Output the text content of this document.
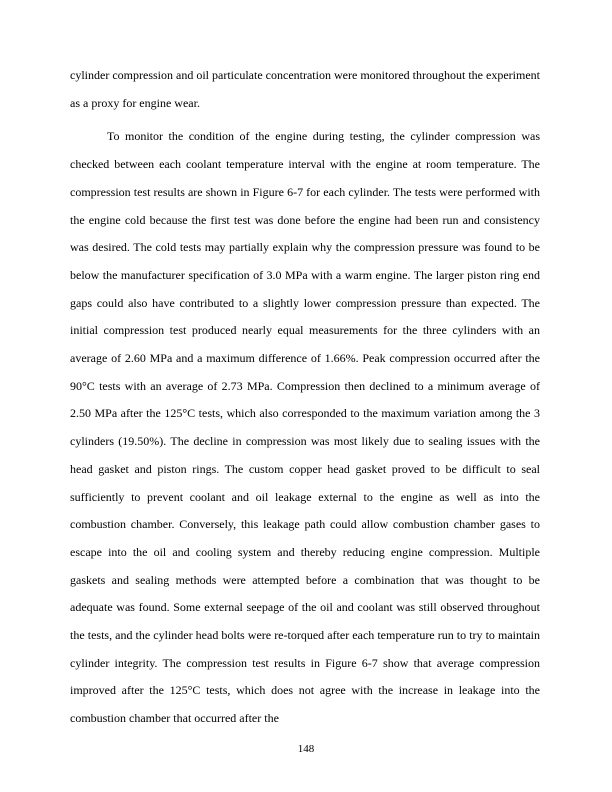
cylinder compression and oil particulate concentration were monitored throughout the experiment as a proxy for engine wear.

To monitor the condition of the engine during testing, the cylinder compression was checked between each coolant temperature interval with the engine at room temperature. The compression test results are shown in Figure 6-7 for each cylinder. The tests were performed with the engine cold because the first test was done before the engine had been run and consistency was desired. The cold tests may partially explain why the compression pressure was found to be below the manufacturer specification of 3.0 MPa with a warm engine. The larger piston ring end gaps could also have contributed to a slightly lower compression pressure than expected. The initial compression test produced nearly equal measurements for the three cylinders with an average of 2.60 MPa and a maximum difference of 1.66%. Peak compression occurred after the 90°C tests with an average of 2.73 MPa. Compression then declined to a minimum average of 2.50 MPa after the 125°C tests, which also corresponded to the maximum variation among the 3 cylinders (19.50%). The decline in compression was most likely due to sealing issues with the head gasket and piston rings. The custom copper head gasket proved to be difficult to seal sufficiently to prevent coolant and oil leakage external to the engine as well as into the combustion chamber. Conversely, this leakage path could allow combustion chamber gases to escape into the oil and cooling system and thereby reducing engine compression. Multiple gaskets and sealing methods were attempted before a combination that was thought to be adequate was found. Some external seepage of the oil and coolant was still observed throughout the tests, and the cylinder head bolts were re-torqued after each temperature run to try to maintain cylinder integrity. The compression test results in Figure 6-7 show that average compression improved after the 125°C tests, which does not agree with the increase in leakage into the combustion chamber that occurred after the

148
